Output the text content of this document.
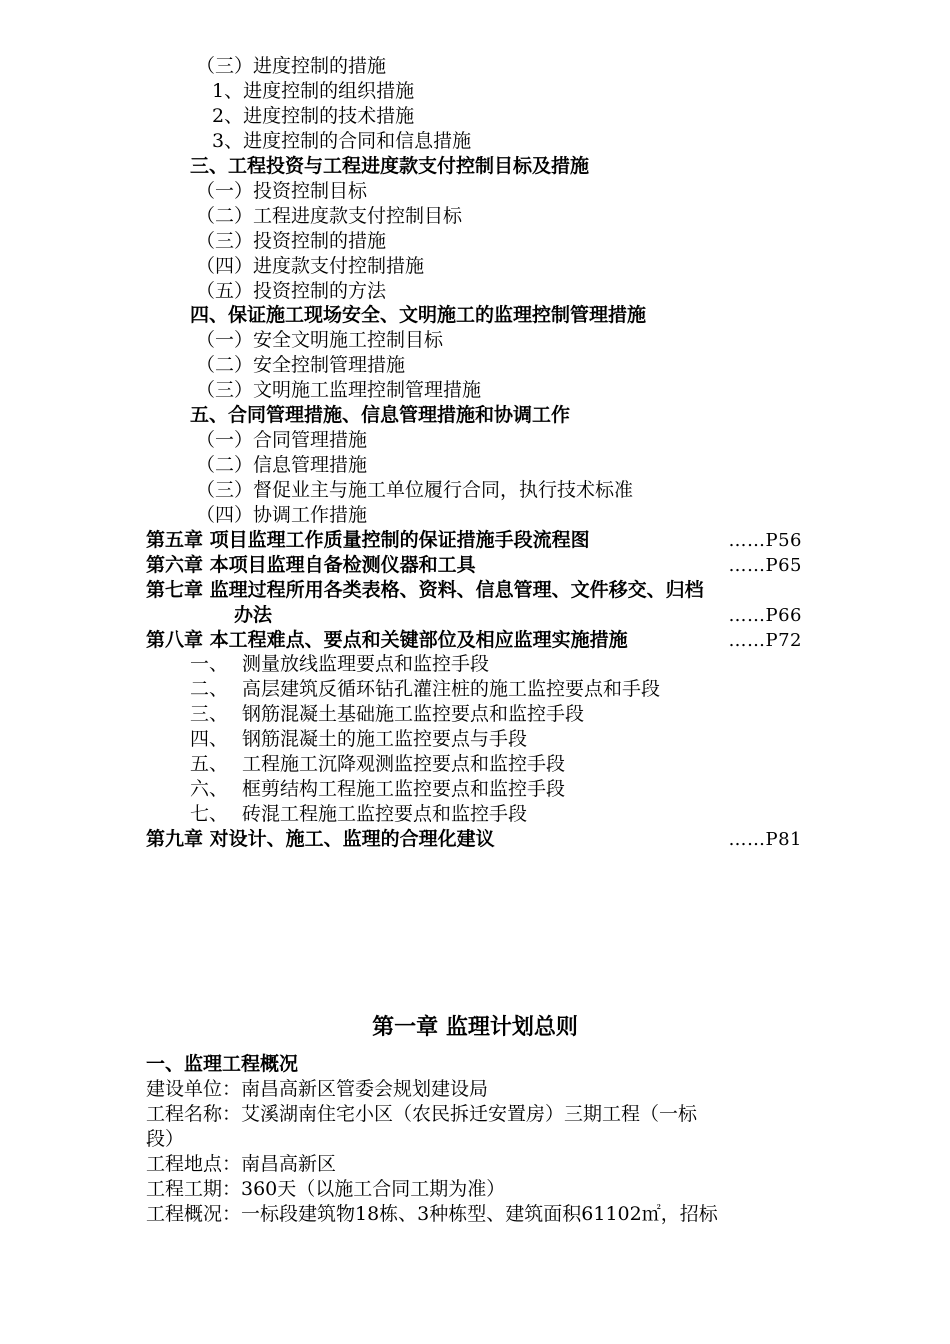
（三）进度控制的措施
1、进度控制的组织措施
2、进度控制的技术措施
3、进度控制的合同和信息措施
三、工程投资与工程进度款支付控制目标及措施
（一）投资控制目标
（二）工程进度款支付控制目标
（三）投资控制的措施
（四）进度款支付控制措施
（五）投资控制的方法
四、保证施工现场安全、文明施工的监理控制管理措施
（一）安全文明施工控制目标
（二）安全控制管理措施
（三）文明施工监理控制管理措施
五、合同管理措施、信息管理措施和协调工作
（一）合同管理措施
（二）信息管理措施
（三）督促业主与施工单位履行合同，执行技术标准
（四）协调工作措施
第五章 项目监理工作质量控制的保证措施手段流程图	……P56
第六章 本项目监理自备检测仪器和工具	……P65
第七章 监理过程所用各类表格、资料、信息管理、文件移交、归档
办法	……P66
第八章 本工程难点、要点和关键部位及相应监理实施措施	……P72
一、 测量放线监理要点和监控手段
二、 高层建筑反循环钻孔灌注桩的施工监控要点和手段
三、 钢筋混凝土基础施工监控要点和监控手段
四、 钢筋混凝土的施工监控要点与手段
五、 工程施工沉降观测监控要点和监控手段
六、 框剪结构工程施工监控要点和监控手段
七、 砖混工程施工监控要点和监控手段
第九章 对设计、施工、监理的合理化建议	……P81
第一章 监理计划总则
一、监理工程概况
建设单位：南昌高新区管委会规划建设局
工程名称：艾溪湖南住宅小区（农民拆迁安置房）三期工程（一标
段）
工程地点：南昌高新区
工程工期：360天（以施工合同工期为准）
工程概况：一标段建筑物18栋、3种栋型、建筑面积61102㎡，招标
